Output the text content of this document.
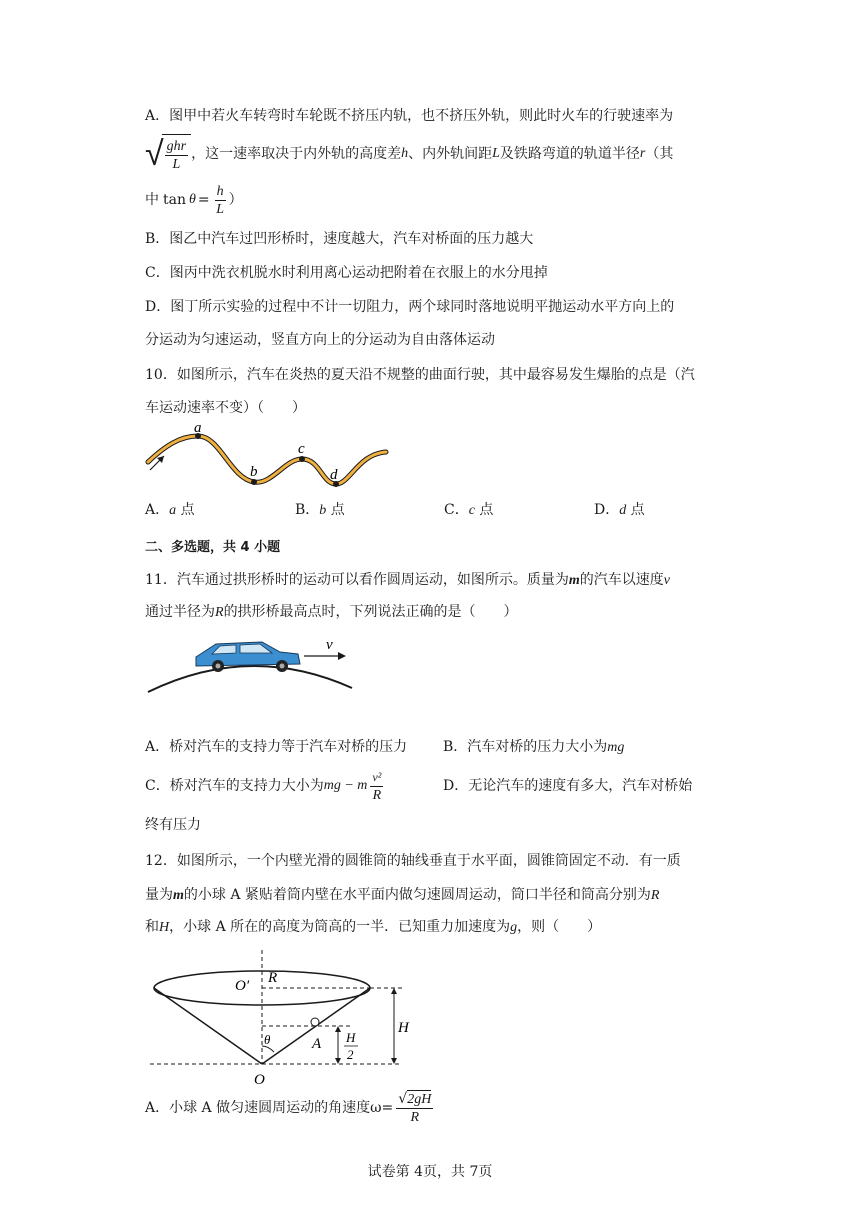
A．图甲中若火车转弯时车轮既不挤压内轨，也不挤压外轨，则此时火车的行驶速率为
√ $\frac{\text{ghr}}{L}$ ，这一速率取决于内外轨的高度差 h 、内外轨间距 L 及铁路弯道的轨道半径 r （其
中 $\tan \theta = \frac{h}{L}$ ）
B．图乙中汽车过凹形桥时，速度越大，汽车对桥面的压力越大
C．图丙中洗衣机脱水时利用离心运动把附着在衣服上的水分甩掉
D．图丁所示实验的过程中不计一切阻力，两个球同时落地说明平抛运动水平方向上的
分运动为匀速运动，竖直方向上的分运动为自由落体运动
10．如图所示，汽车在炎热的夏天沿不规整的曲面行驶，其中最容易发生爆胎的点是（汽
车运动速率不变）（　　）
a
b
c
d
A．a 点	B．b 点	C．c 点	D．d 点
二、多选题，共 4 小题
11．汽车通过拱形桥时的运动可以看作圆周运动，如图所示。质量为m的汽车以速度v
通过半径为R的拱形桥最高点时，下列说法正确的是（　　）
v
A．桥对汽车的支持力等于汽车对桥的压力	B．汽车对桥的压力大小为mg
C．桥对汽车的支持力大小为 mg − m $\frac{\text{v²}}{R}$	D．无论汽车的速度有多大，汽车对桥始
终有压力
12．如图所示，一个内壁光滑的圆锥筒的轴线垂直于水平面，圆锥筒固定不动．有一质
量为m的小球 A 紧贴着筒内壁在水平面内做匀速圆周运动，筒口半径和筒高分别为R
和H，小球 A 所在的高度为筒高的一半．已知重力加速度为g，则（　　）
O′ R
H
H
2
A
θ
O
A．小球 A 做匀速圆周运动的角速度$\omega= \frac{√ 2gH}{R}$
试卷第 4页，共 7页
